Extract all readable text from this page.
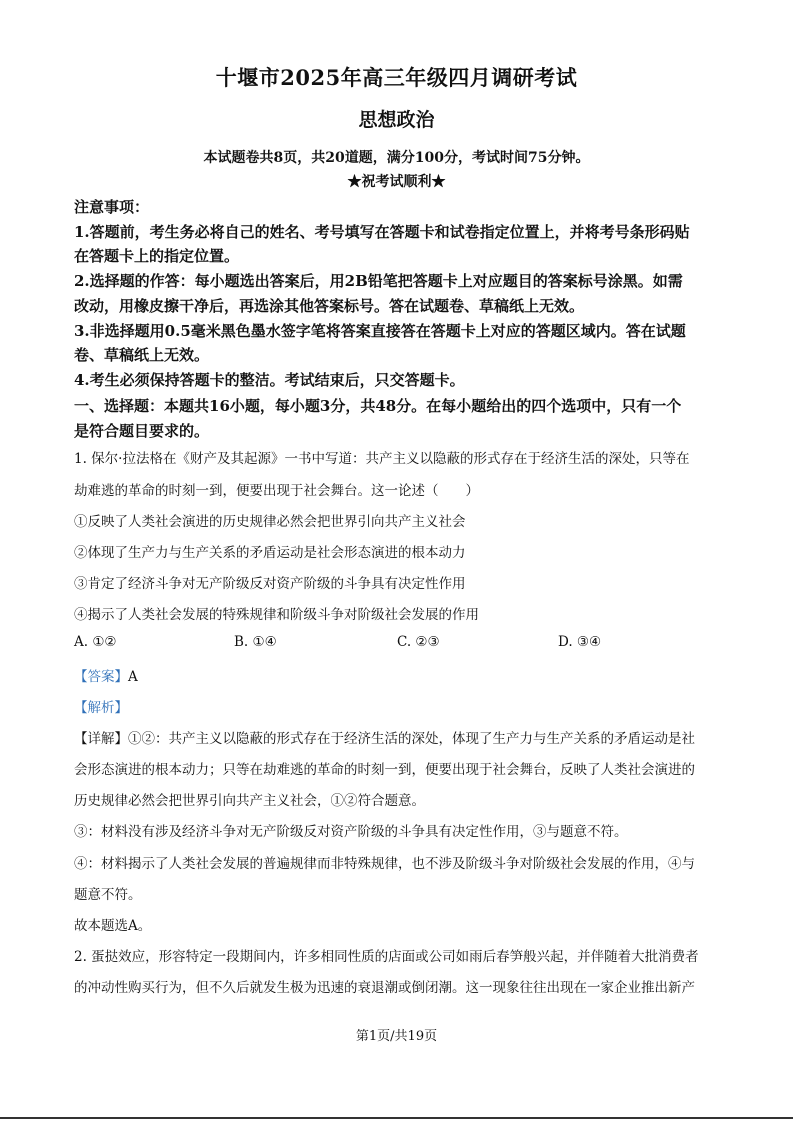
十堰市2025年高三年级四月调研考试
思想政治
本试题卷共8页，共20道题，满分100分，考试时间75分钟。
★祝考试顺利★
注意事项：
1.答题前，考生务必将自己的姓名、考号填写在答题卡和试卷指定位置上，并将考号条形码贴
在答题卡上的指定位置。
2.选择题的作答：每小题选出答案后，用2B铅笔把答题卡上对应题目的答案标号涂黑。如需
改动，用橡皮擦干净后，再选涂其他答案标号。答在试题卷、草稿纸上无效。
3.非选择题用0.5毫米黑色墨水签字笔将答案直接答在答题卡上对应的答题区域内。答在试题
卷、草稿纸上无效。
4.考生必须保持答题卡的整洁。考试结束后，只交答题卡。
一、选择题：本题共16小题，每小题3分，共48分。在每小题给出的四个选项中，只有一个
是符合题目要求的。
1. 保尔·拉法格在《财产及其起源》一书中写道：共产主义以隐蔽的形式存在于经济生活的深处，只等在
劫难逃的革命的时刻一到，便要出现于社会舞台。这一论述（　　）
①反映了人类社会演进的历史规律必然会把世界引向共产主义社会
②体现了生产力与生产关系的矛盾运动是社会形态演进的根本动力
③肯定了经济斗争对无产阶级反对资产阶级的斗争具有决定性作用
④揭示了人类社会发展的特殊规律和阶级斗争对阶级社会发展的作用
A. ①②	B. ①④	C. ②③	D. ③④
【答案】A
【解析】
【详解】①②：共产主义以隐蔽的形式存在于经济生活的深处，体现了生产力与生产关系的矛盾运动是社
会形态演进的根本动力；只等在劫难逃的革命的时刻一到，便要出现于社会舞台，反映了人类社会演进的
历史规律必然会把世界引向共产主义社会，①②符合题意。
③：材料没有涉及经济斗争对无产阶级反对资产阶级的斗争具有决定性作用，③与题意不符。
④：材料揭示了人类社会发展的普遍规律而非特殊规律，也不涉及阶级斗争对阶级社会发展的作用，④与
题意不符。
故本题选A。
2. 蛋挞效应，形容特定一段期间内，许多相同性质的店面或公司如雨后春笋般兴起，并伴随着大批消费者
的冲动性购买行为，但不久后就发生极为迅速的衰退潮或倒闭潮。这一现象往往出现在一家企业推出新产
第1页/共19页
